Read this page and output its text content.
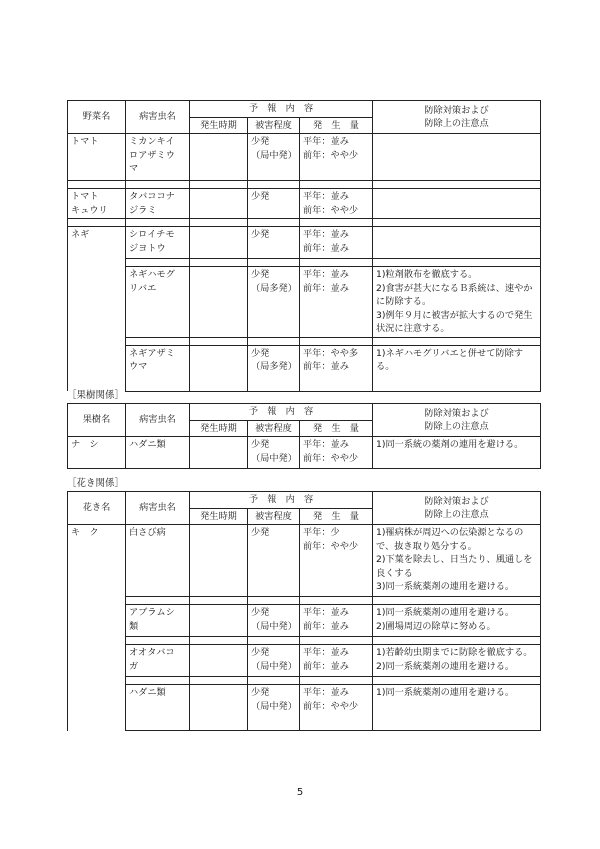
野菜名	病害虫名	予　報　内　容			防除対策および
防除上の注意点
		発生時期	被害程度	発　生　量	
トマト	ミカンキイ
ロアザミウ
マ		少発
（局中発）	平年：並み
前年：やや少	

トマト
キュウリ	タバココナ
ジラミ		少発	平年：並み
前年：やや少	

ネギ	シロイチモ
ジヨトウ		少発	平年：並み
前年：並み	

	ネギハモグ
リバエ		少発
（局多発）	平年：並み
前年：並み	1)粒剤散布を徹底する。
2)食害が甚大になるＢ系統は、速やかに防除する。
3)例年９月に被害が拡大するので発生状況に注意する。

	ネギアザミ
ウマ		少発
（局多発）	平年：やや多
前年：並み	1)ネギハモグリバエと併せて防除する。
［果樹関係］
果樹名	病害虫名	予　報　内　容			防除対策および
防除上の注意点
		発生時期	被害程度	発　生　量	
ナ　シ	ハダニ類		少発
（局中発）	平年：並み
前年：やや少	1)同一系統の薬剤の連用を避ける。
［花き関係］
花き名	病害虫名	予　報　内　容			防除対策および
防除上の注意点
		発生時期	被害程度	発　生　量	
キ　ク	白さび病		少発	平年：少
前年：やや少	1)罹病株が周辺への伝染源となるので、抜き取り処分する。
2)下葉を除去し、日当たり、風通しを良くする
3)同一系統薬剤の連用を避ける。

	アブラムシ
類		少発
（局中発）	平年：並み
前年：並み	1)同一系統薬剤の連用を避ける。
2)圃場周辺の除草に努める。

	オオタバコ
ガ		少発
（局中発）	平年：並み
前年：並み	1)若齢幼虫期までに防除を徹底する。
2)同一系統薬剤の連用を避ける。

	ハダニ類		少発
（局中発）	平年：並み
前年：やや少	1)同一系統薬剤の連用を避ける。
5
